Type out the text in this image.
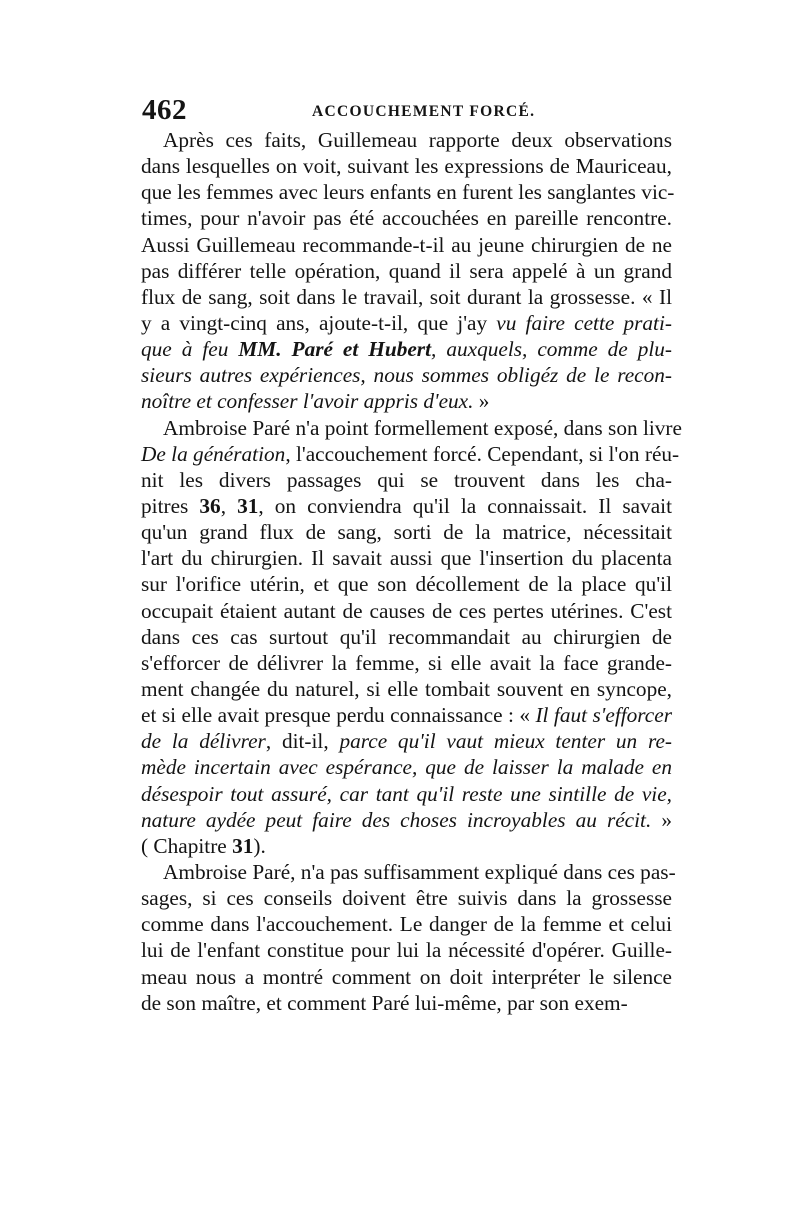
462	ACCOUCHEMENT FORCÉ.
Après ces faits, Guillemeau rapporte deux observations
dans lesquelles on voit, suivant les expressions de Mauriceau,
que les femmes avec leurs enfants en furent les sanglantes vic-
times, pour n'avoir pas été accouchées en pareille rencontre.
Aussi Guillemeau recommande-t-il au jeune chirurgien de ne
pas différer telle opération, quand il sera appelé à un grand
flux de sang, soit dans le travail, soit durant la grossesse. « Il
y a vingt-cinq ans, ajoute-t-il, que j'ay vu faire cette prati-
que à feu MM. Paré et Hubert, auxquels, comme de plu-
sieurs autres expériences, nous sommes obligéz de le recon-
noître et confesser l'avoir appris d'eux. »
Ambroise Paré n'a point formellement exposé, dans son livre
De la génération, l'accouchement forcé. Cependant, si l'on réu-
nit les divers passages qui se trouvent dans les cha-
pitres 36, 31, on conviendra qu'il la connaissait. Il savait
qu'un grand flux de sang, sorti de la matrice, nécessitait
l'art du chirurgien. Il savait aussi que l'insertion du placenta
sur l'orifice utérin, et que son décollement de la place qu'il
occupait étaient autant de causes de ces pertes utérines. C'est
dans ces cas surtout qu'il recommandait au chirurgien de
s'efforcer de délivrer la femme, si elle avait la face grande-
ment changée du naturel, si elle tombait souvent en syncope,
et si elle avait presque perdu connaissance : « Il faut s'efforcer
de la délivrer, dit-il, parce qu'il vaut mieux tenter un re-
mède incertain avec espérance, que de laisser la malade en
désespoir tout assuré, car tant qu'il reste une sintille de vie,
nature aydée peut faire des choses incroyables au récit. »
( Chapitre 31).
Ambroise Paré, n'a pas suffisamment expliqué dans ces pas-
sages, si ces conseils doivent être suivis dans la grossesse
comme dans l'accouchement. Le danger de la femme et celui
lui de l'enfant constitue pour lui la nécessité d'opérer. Guille-
meau nous a montré comment on doit interpréter le silence
de son maître, et comment Paré lui-même, par son exem-
